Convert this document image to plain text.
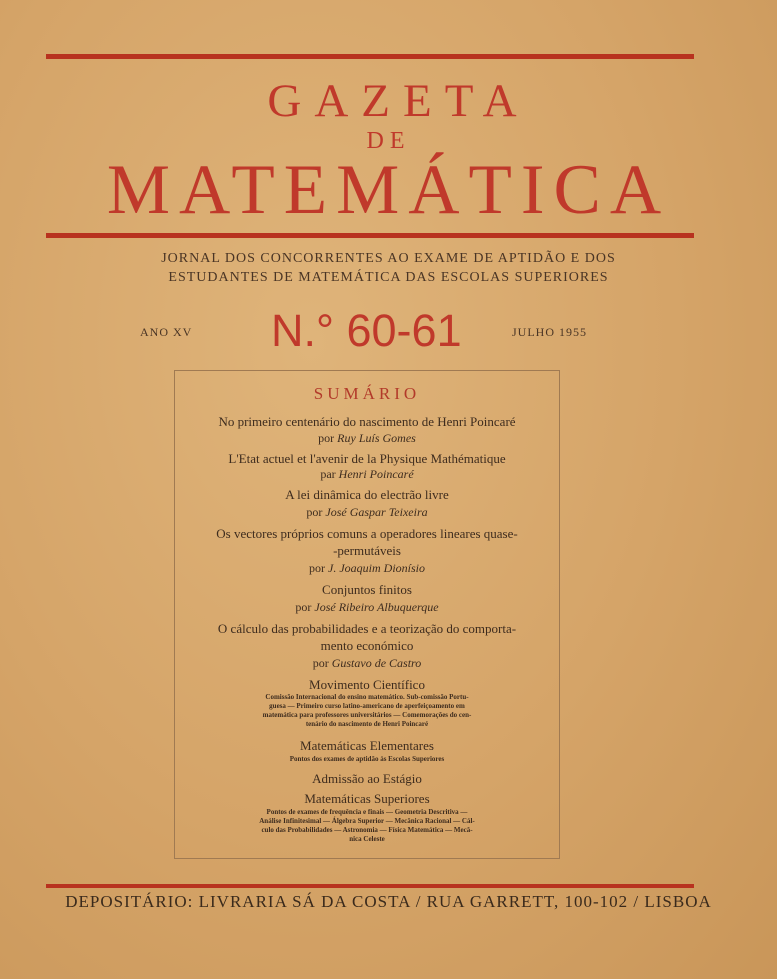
GAZETA
DE
MATEMÁTICA
JORNAL DOS CONCORRENTES AO EXAME DE APTIDÃO E DOS
ESTUDANTES DE MATEMÁTICA DAS ESCOLAS SUPERIORES
ANO XV N.° 60-61	JULHO 1955
SUMÁRIO
No primeiro centenário do nascimento de Henri Poincaré
por Ruy Luís Gomes
L'Etat actuel et l'avenir de la Physique Mathématique
par Henri Poincaré
A lei dinâmica do electrão livre
por José Gaspar Teixeira
Os vectores próprios comuns a operadores lineares quase-
-permutáveis
por J. Joaquim Dionísio
Conjuntos finitos
por José Ribeiro Albuquerque
O cálculo das probabilidades e a teorização do comporta-
mento económico
por Gustavo de Castro
Movimento Científico
Comissão Internacional do ensino matemático. Sub-comissão Portu-
guesa — Primeiro curso latino-americano de aperfeiçoamento em
matemática para professores universitários — Comemorações do cen-
tenário do nascimento de Henri Poincaré
Matemáticas Elementares
Pontos dos exames de aptidão às Escolas Superiores
Admissão ao Estágio
Matemáticas Superiores
Pontos de exames de frequência e finais — Geometria Descritiva —
Análise Infinitesimal — Álgebra Superior — Mecânica Racional — Cál-
culo das Probabilidades — Astronomia — Física Matemática — Mecâ-
nica Celeste
DEPOSITÁRIO: LIVRARIA SÁ DA COSTA / RUA GARRETT, 100-102 / LISBOA
